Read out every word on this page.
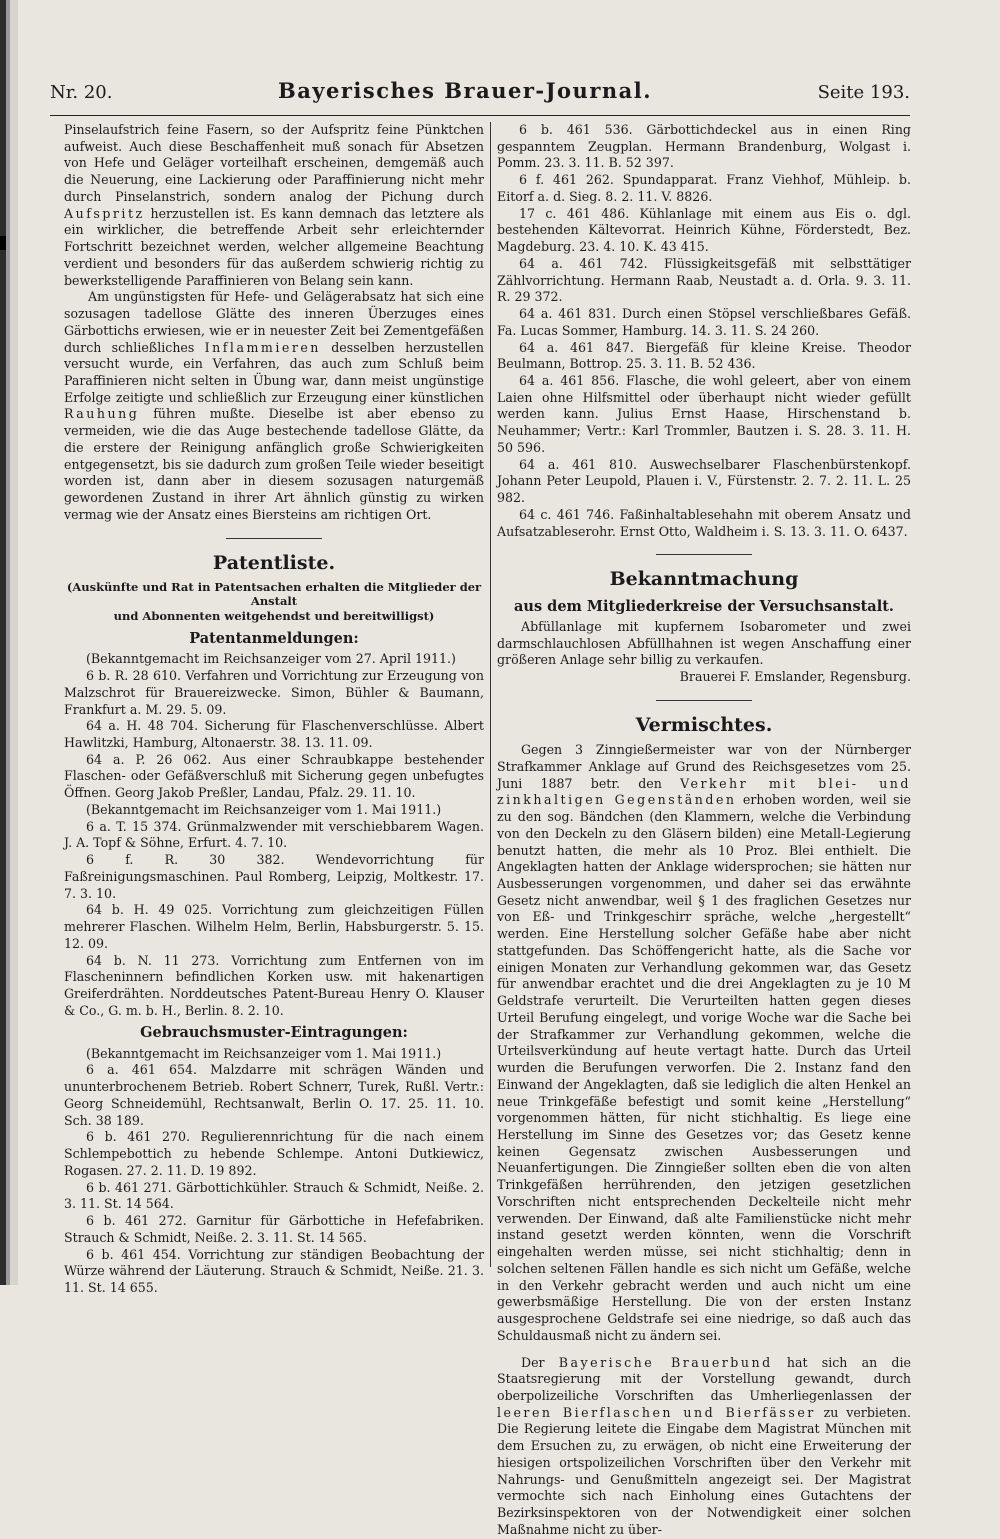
Nr. 20.	Bayerisches Brauer-Journal.	Seite 193.

Pinselaufstrich feine Fasern, so der Aufspritz feine Pünktchen aufweist. Auch diese Beschaffenheit muß sonach für Absetzen von Hefe und Geläger vorteilhaft erscheinen, demgemäß auch die Neuerung, eine Lackierung oder Paraffinierung nicht mehr durch Pinselanstrich, sondern analog der Pichung durch Aufspritz herzustellen ist. Es kann demnach das letztere als ein wirklicher, die betreffende Arbeit sehr erleichternder Fortschritt bezeichnet werden, welcher allgemeine Beachtung verdient und besonders für das außerdem schwierig richtig zu bewerkstelligende Paraffinieren von Belang sein kann.

Am ungünstigsten für Hefe- und Gelägerabsatz hat sich eine sozusagen tadellose Glätte des inneren Überzuges eines Gärbottichs erwiesen, wie er in neuester Zeit bei Zementgefäßen durch schließliches Inflammieren desselben herzustellen versucht wurde, ein Verfahren, das auch zum Schluß beim Paraffinieren nicht selten in Übung war, dann meist ungünstige Erfolge zeitigte und schließlich zur Erzeugung einer künstlichen Rauhung führen mußte. Dieselbe ist aber ebenso zu vermeiden, wie die das Auge bestechende tadellose Glätte, da die erstere der Reinigung anfänglich große Schwierigkeiten entgegensetzt, bis sie dadurch zum großen Teile wieder beseitigt worden ist, dann aber in diesem sozusagen naturgemäß gewordenen Zustand in ihrer Art ähnlich günstig zu wirken vermag wie der Ansatz eines Biersteins am richtigen Ort.

Patentliste.
(Auskünfte und Rat in Patentsachen erhalten die Mitglieder der Anstalt
und Abonnenten weitgehendst und bereitwilligst)
Patentanmeldungen:

(Bekanntgemacht im Reichsanzeiger vom 27. April 1911.)

6 b. R. 28 610. Verfahren und Vorrichtung zur Erzeugung von Malzschrot für Brauereizwecke. Simon, Bühler & Baumann, Frankfurt a. M. 29. 5. 09.

64 a. H. 48 704. Sicherung für Flaschenverschlüsse. Albert Hawlitzki, Hamburg, Altonaerstr. 38. 13. 11. 09.

64 a. P. 26 062. Aus einer Schraubkappe bestehender Flaschen- oder Gefäßverschluß mit Sicherung gegen unbefugtes Öffnen. Georg Jakob Preßler, Landau, Pfalz. 29. 11. 10.

(Bekanntgemacht im Reichsanzeiger vom 1. Mai 1911.)

6 a. T. 15 374. Grünmalzwender mit verschiebbarem Wagen. J. A. Topf & Söhne, Erfurt. 4. 7. 10.

6 f. R. 30 382. Wendevorrichtung für Faßreinigungsmaschinen. Paul Romberg, Leipzig, Moltkestr. 17. 7. 3. 10.

64 b. H. 49 025. Vorrichtung zum gleichzeitigen Füllen mehrerer Flaschen. Wilhelm Helm, Berlin, Habsburgerstr. 5. 15. 12. 09.

64 b. N. 11 273. Vorrichtung zum Entfernen von im Flascheninnern befindlichen Korken usw. mit hakenartigen Greiferdrähten. Norddeutsches Patent-Bureau Henry O. Klauser & Co., G. m. b. H., Berlin. 8. 2. 10.

Gebrauchsmuster-Eintragungen:

(Bekanntgemacht im Reichsanzeiger vom 1. Mai 1911.)

6 a. 461 654. Malzdarre mit schrägen Wänden und ununterbrochenem Betrieb. Robert Schnerr, Turek, Rußl. Vertr.: Georg Schneidemühl, Rechtsanwalt, Berlin O. 17. 25. 11. 10. Sch. 38 189.

6 b. 461 270. Regulierennrichtung für die nach einem Schlempebottich zu hebende Schlempe. Antoni Dutkiewicz, Rogasen. 27. 2. 11. D. 19 892.

6 b. 461 271. Gärbottichkühler. Strauch & Schmidt, Neiße. 2. 3. 11. St. 14 564.

6 b. 461 272. Garnitur für Gärbottiche in Hefefabriken. Strauch & Schmidt, Neiße. 2. 3. 11. St. 14 565.

6 b. 461 454. Vorrichtung zur ständigen Beobachtung der Würze während der Läuterung. Strauch & Schmidt, Neiße. 21. 3. 11. St. 14 655.

6 b. 461 536. Gärbottichdeckel aus in einen Ring gespanntem Zeugplan. Hermann Brandenburg, Wolgast i. Pomm. 23. 3. 11. B. 52 397.

6 f. 461 262. Spundapparat. Franz Viehhof, Mühleip. b. Eitorf a. d. Sieg. 8. 2. 11. V. 8826.

17 c. 461 486. Kühlanlage mit einem aus Eis o. dgl. bestehenden Kältevorrat. Heinrich Kühne, Förderstedt, Bez. Magdeburg. 23. 4. 10. K. 43 415.

64 a. 461 742. Flüssigkeitsgefäß mit selbsttätiger Zählvorrichtung. Hermann Raab, Neustadt a. d. Orla. 9. 3. 11. R. 29 372.

64 a. 461 831. Durch einen Stöpsel verschließbares Gefäß. Fa. Lucas Sommer, Hamburg. 14. 3. 11. S. 24 260.

64 a. 461 847. Biergefäß für kleine Kreise. Theodor Beulmann, Bottrop. 25. 3. 11. B. 52 436.

64 a. 461 856. Flasche, die wohl geleert, aber von einem Laien ohne Hilfsmittel oder überhaupt nicht wieder gefüllt werden kann. Julius Ernst Haase, Hirschenstand b. Neuhammer; Vertr.: Karl Trommler, Bautzen i. S. 28. 3. 11. H. 50 596.

64 a. 461 810. Auswechselbarer Flaschenbürstenkopf. Johann Peter Leupold, Plauen i. V., Fürstenstr. 2. 7. 2. 11. L. 25 982.

64 c. 461 746. Faßinhaltablesehahn mit oberem Ansatz und Aufsatzableserohr. Ernst Otto, Waldheim i. S. 13. 3. 11. O. 6437.

Bekanntmachung
aus dem Mitgliederkreise der Versuchsanstalt.

Abfüllanlage mit kupfernem Isobarometer und zwei darmschlauchlosen Abfüllhahnen ist wegen Anschaffung einer größeren Anlage sehr billig zu verkaufen.

Brauerei F. Emslander, Regensburg.

Vermischtes.

Gegen 3 Zinngießermeister war von der Nürnberger Strafkammer Anklage auf Grund des Reichsgesetzes vom 25. Juni 1887 betr. den Verkehr mit blei- und zinkhaltigen Gegenständen erhoben worden, weil sie zu den sog. Bändchen (den Klammern, welche die Verbindung von den Deckeln zu den Gläsern bilden) eine Metall-Legierung benutzt hatten, die mehr als 10 Proz. Blei enthielt. Die Angeklagten hatten der Anklage widersprochen; sie hätten nur Ausbesserungen vorgenommen, und daher sei das erwähnte Gesetz nicht anwendbar, weil § 1 des fraglichen Gesetzes nur von Eß- und Trinkgeschirr spräche, welche „hergestellt“ werden. Eine Herstellung solcher Gefäße habe aber nicht stattgefunden. Das Schöffengericht hatte, als die Sache vor einigen Monaten zur Verhandlung gekommen war, das Gesetz für anwendbar erachtet und die drei Angeklagten zu je 10 M Geldstrafe verurteilt. Die Verurteilten hatten gegen dieses Urteil Berufung eingelegt, und vorige Woche war die Sache bei der Strafkammer zur Verhandlung gekommen, welche die Urteilsverkündung auf heute vertagt hatte. Durch das Urteil wurden die Berufungen verworfen. Die 2. Instanz fand den Einwand der Angeklagten, daß sie lediglich die alten Henkel an neue Trinkgefäße befestigt und somit keine „Herstellung“ vorgenommen hätten, für nicht stichhaltig. Es liege eine Herstellung im Sinne des Gesetzes vor; das Gesetz kenne keinen Gegensatz zwischen Ausbesserungen und Neuanfertigungen. Die Zinngießer sollten eben die von alten Trinkgefäßen herrührenden, den jetzigen gesetzlichen Vorschriften nicht entsprechenden Deckelteile nicht mehr verwenden. Der Einwand, daß alte Familienstücke nicht mehr instand gesetzt werden könnten, wenn die Vorschrift eingehalten werden müsse, sei nicht stichhaltig; denn in solchen seltenen Fällen handle es sich nicht um Gefäße, welche in den Verkehr gebracht werden und auch nicht um eine gewerbsmäßige Herstellung. Die von der ersten Instanz ausgesprochene Geldstrafe sei eine niedrige, so daß auch das Schuldausmaß nicht zu ändern sei.

Der Bayerische Brauerbund hat sich an die Staatsregierung mit der Vorstellung gewandt, durch oberpolizeiliche Vorschriften das Umherliegenlassen der leeren Bierflaschen und Bierfässer zu verbieten. Die Regierung leitete die Eingabe dem Magistrat München mit dem Ersuchen zu, zu erwägen, ob nicht eine Erweiterung der hiesigen ortspolizeilichen Vorschriften über den Verkehr mit Nahrungs- und Genußmitteln angezeigt sei. Der Magistrat vermochte sich nach Einholung eines Gutachtens der Bezirksinspektoren von der Notwendigkeit einer solchen Maßnahme nicht zu über-
